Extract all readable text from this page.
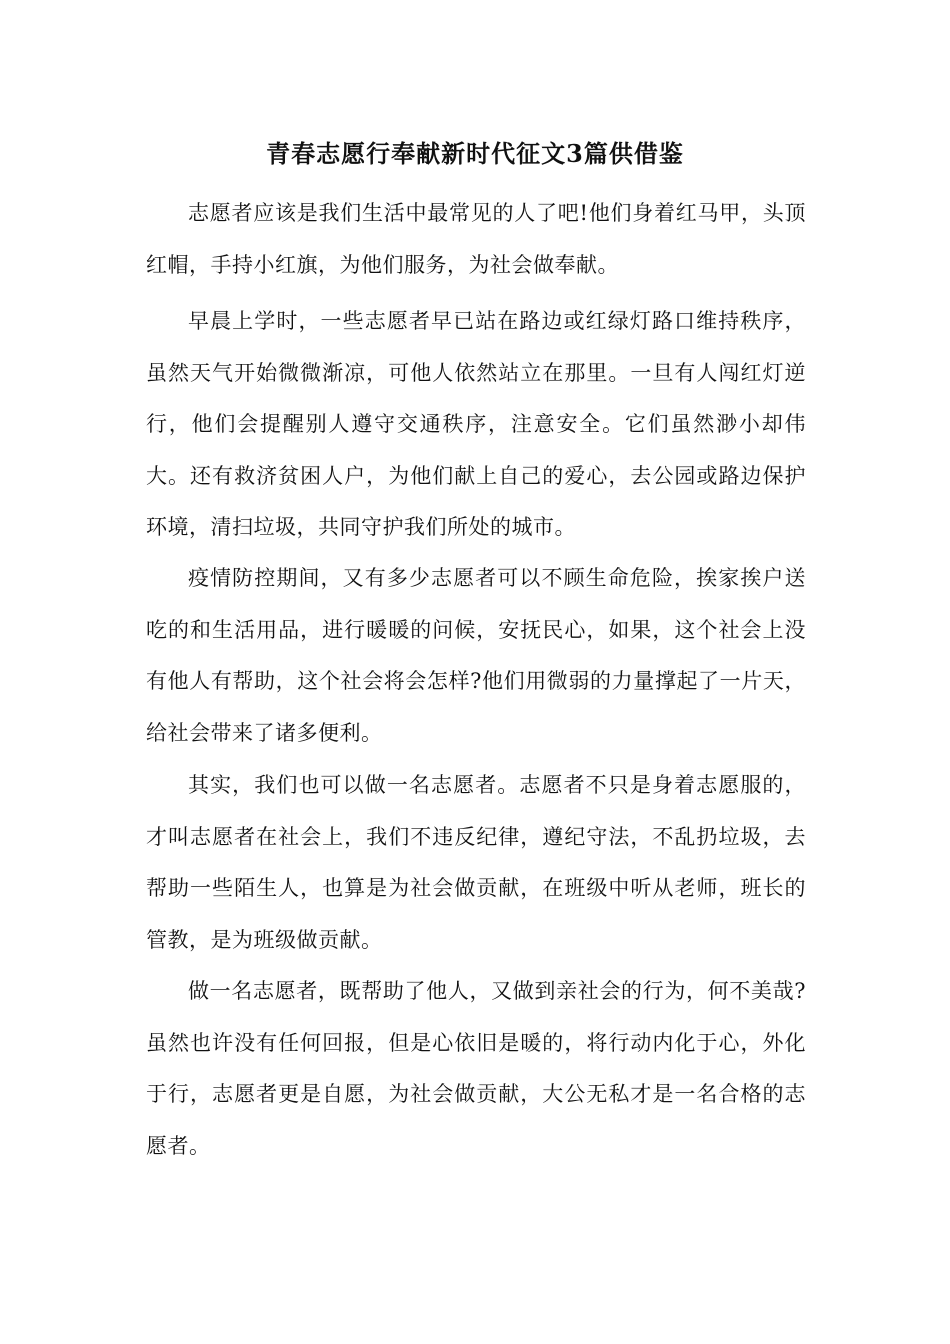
青春志愿行奉献新时代征文3篇供借鉴

志愿者应该是我们生活中最常见的人了吧!他们身着红马甲，头顶红帽，手持小红旗，为他们服务，为社会做奉献。

早晨上学时，一些志愿者早已站在路边或红绿灯路口维持秩序，虽然天气开始微微渐凉，可他人依然站立在那里。一旦有人闯红灯逆行，他们会提醒别人遵守交通秩序，注意安全。它们虽然渺小却伟大。还有救济贫困人户，为他们献上自己的爱心，去公园或路边保护环境，清扫垃圾，共同守护我们所处的城市。

疫情防控期间，又有多少志愿者可以不顾生命危险，挨家挨户送吃的和生活用品，进行暖暖的问候，安抚民心，如果，这个社会上没有他人有帮助，这个社会将会怎样?他们用微弱的力量撑起了一片天，给社会带来了诸多便利。

其实，我们也可以做一名志愿者。志愿者不只是身着志愿服的，才叫志愿者在社会上，我们不违反纪律，遵纪守法，不乱扔垃圾，去帮助一些陌生人，也算是为社会做贡献，在班级中听从老师，班长的管教，是为班级做贡献。

做一名志愿者，既帮助了他人，又做到亲社会的行为，何不美哉?虽然也许没有任何回报，但是心依旧是暖的，将行动内化于心，外化于行，志愿者更是自愿，为社会做贡献，大公无私才是一名合格的志愿者。
